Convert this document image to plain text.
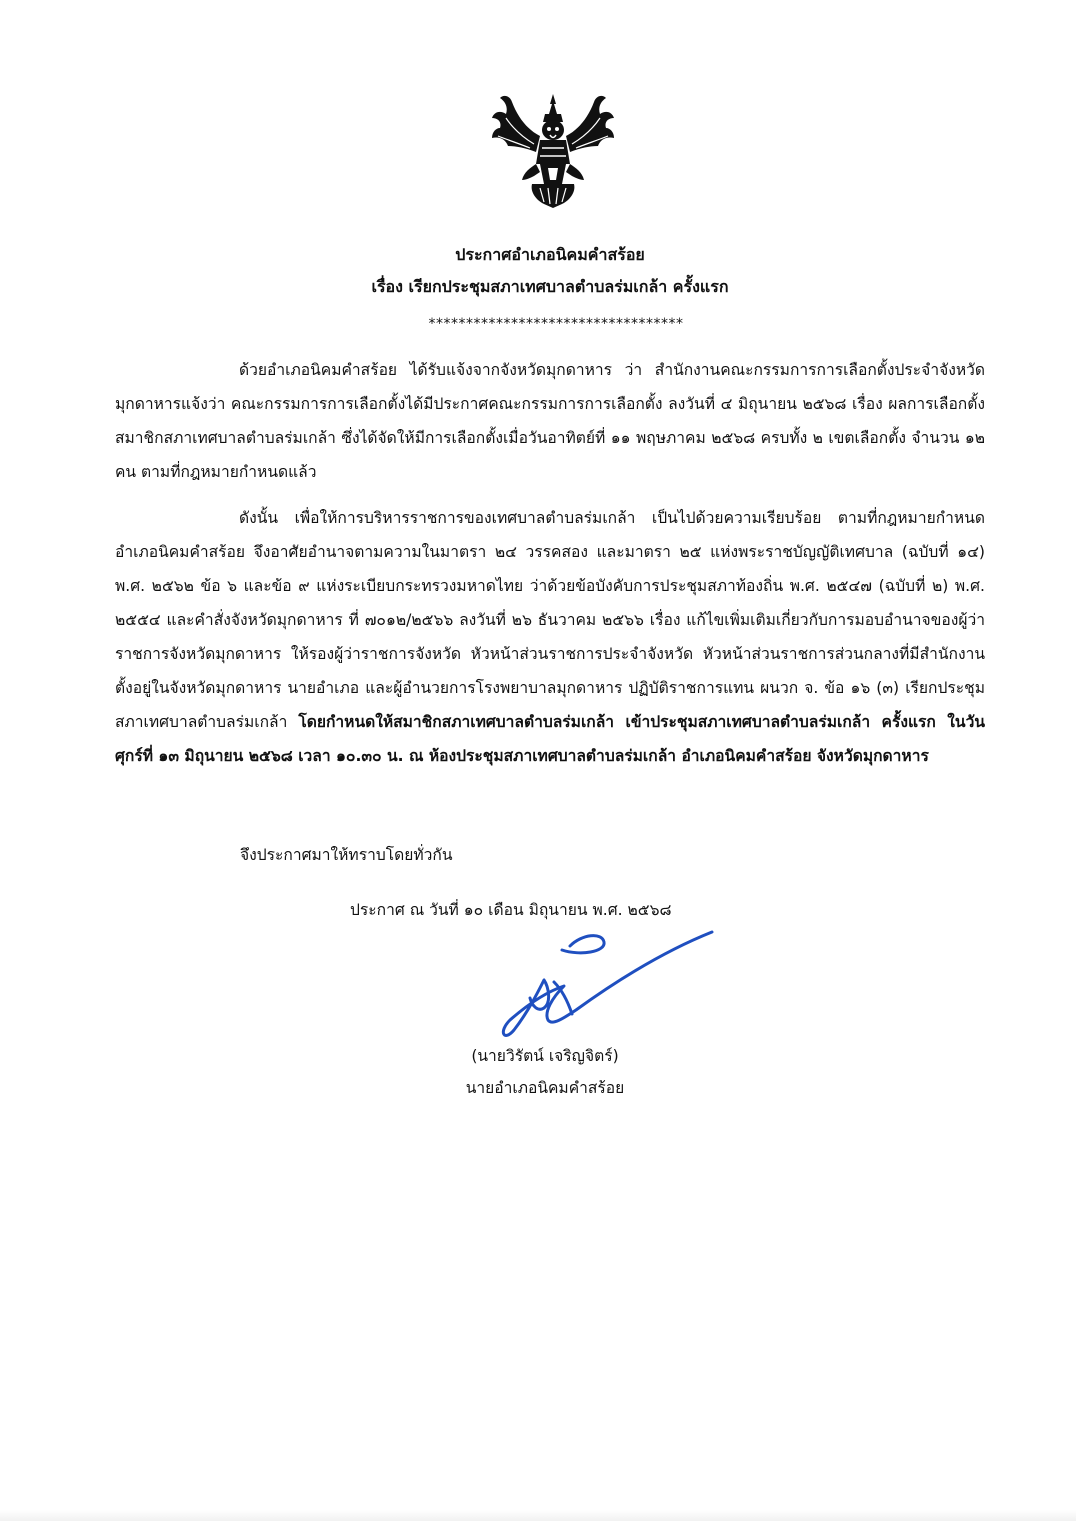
ประกาศอำเภอนิคมคำสร้อย
เรื่อง เรียกประชุมสภาเทศบาลตำบลร่มเกล้า ครั้งแรก
**********************************

ด้วยอำเภอนิคมคำสร้อย ได้รับแจ้งจากจังหวัดมุกดาหาร ว่า สำนักงานคณะกรรมการการเลือกตั้งประจำจังหวัดมุกดาหารแจ้งว่า คณะกรรมการการเลือกตั้งได้มีประกาศคณะกรรมการการเลือกตั้ง ลงวันที่ ๔ มิถุนายน ๒๕๖๘ เรื่อง ผลการเลือกตั้งสมาชิกสภาเทศบาลตำบลร่มเกล้า ซึ่งได้จัดให้มีการเลือกตั้งเมื่อวันอาทิตย์ที่ ๑๑ พฤษภาคม ๒๕๖๘ ครบทั้ง ๒ เขตเลือกตั้ง จำนวน ๑๒ คน ตามที่กฎหมายกำหนดแล้ว

ดังนั้น เพื่อให้การบริหารราชการของเทศบาลตำบลร่มเกล้า เป็นไปด้วยความเรียบร้อย ตามที่กฎหมายกำหนด อำเภอนิคมคำสร้อย จึงอาศัยอำนาจตามความในมาตรา ๒๔ วรรคสอง และมาตรา ๒๕ แห่งพระราชบัญญัติเทศบาล (ฉบับที่ ๑๔) พ.ศ. ๒๕๖๒ ข้อ ๖ และข้อ ๙ แห่งระเบียบกระทรวงมหาดไทย ว่าด้วยข้อบังคับการประชุมสภาท้องถิ่น พ.ศ. ๒๕๔๗ (ฉบับที่ ๒) พ.ศ. ๒๕๕๔ และคำสั่งจังหวัดมุกดาหาร ที่ ๗๐๑๒/๒๕๖๖ ลงวันที่ ๒๖ ธันวาคม ๒๕๖๖ เรื่อง แก้ไขเพิ่มเติมเกี่ยวกับการมอบอำนาจของผู้ว่าราชการจังหวัดมุกดาหาร ให้รองผู้ว่าราชการจังหวัด หัวหน้าส่วนราชการประจำจังหวัด หัวหน้าส่วนราชการส่วนกลางที่มีสำนักงานตั้งอยู่ในจังหวัดมุกดาหาร นายอำเภอ และผู้อำนวยการโรงพยาบาลมุกดาหาร ปฏิบัติราชการแทน ผนวก จ. ข้อ ๑๖ (๓) เรียกประชุมสภาเทศบาลตำบลร่มเกล้า โดยกำหนดให้สมาชิกสภาเทศบาลตำบลร่มเกล้า เข้าประชุมสภาเทศบาลตำบลร่มเกล้า ครั้งแรก ในวันศุกร์ที่ ๑๓ มิถุนายน ๒๕๖๘ เวลา ๑๐.๓๐ น. ณ ห้องประชุมสภาเทศบาลตำบลร่มเกล้า อำเภอนิคมคำสร้อย จังหวัดมุกดาหาร

จึงประกาศมาให้ทราบโดยทั่วกัน
ประกาศ ณ วันที่ ๑๐ เดือน มิถุนายน พ.ศ. ๒๕๖๘
(นายวิรัตน์ เจริญจิตร์)
นายอำเภอนิคมคำสร้อย
